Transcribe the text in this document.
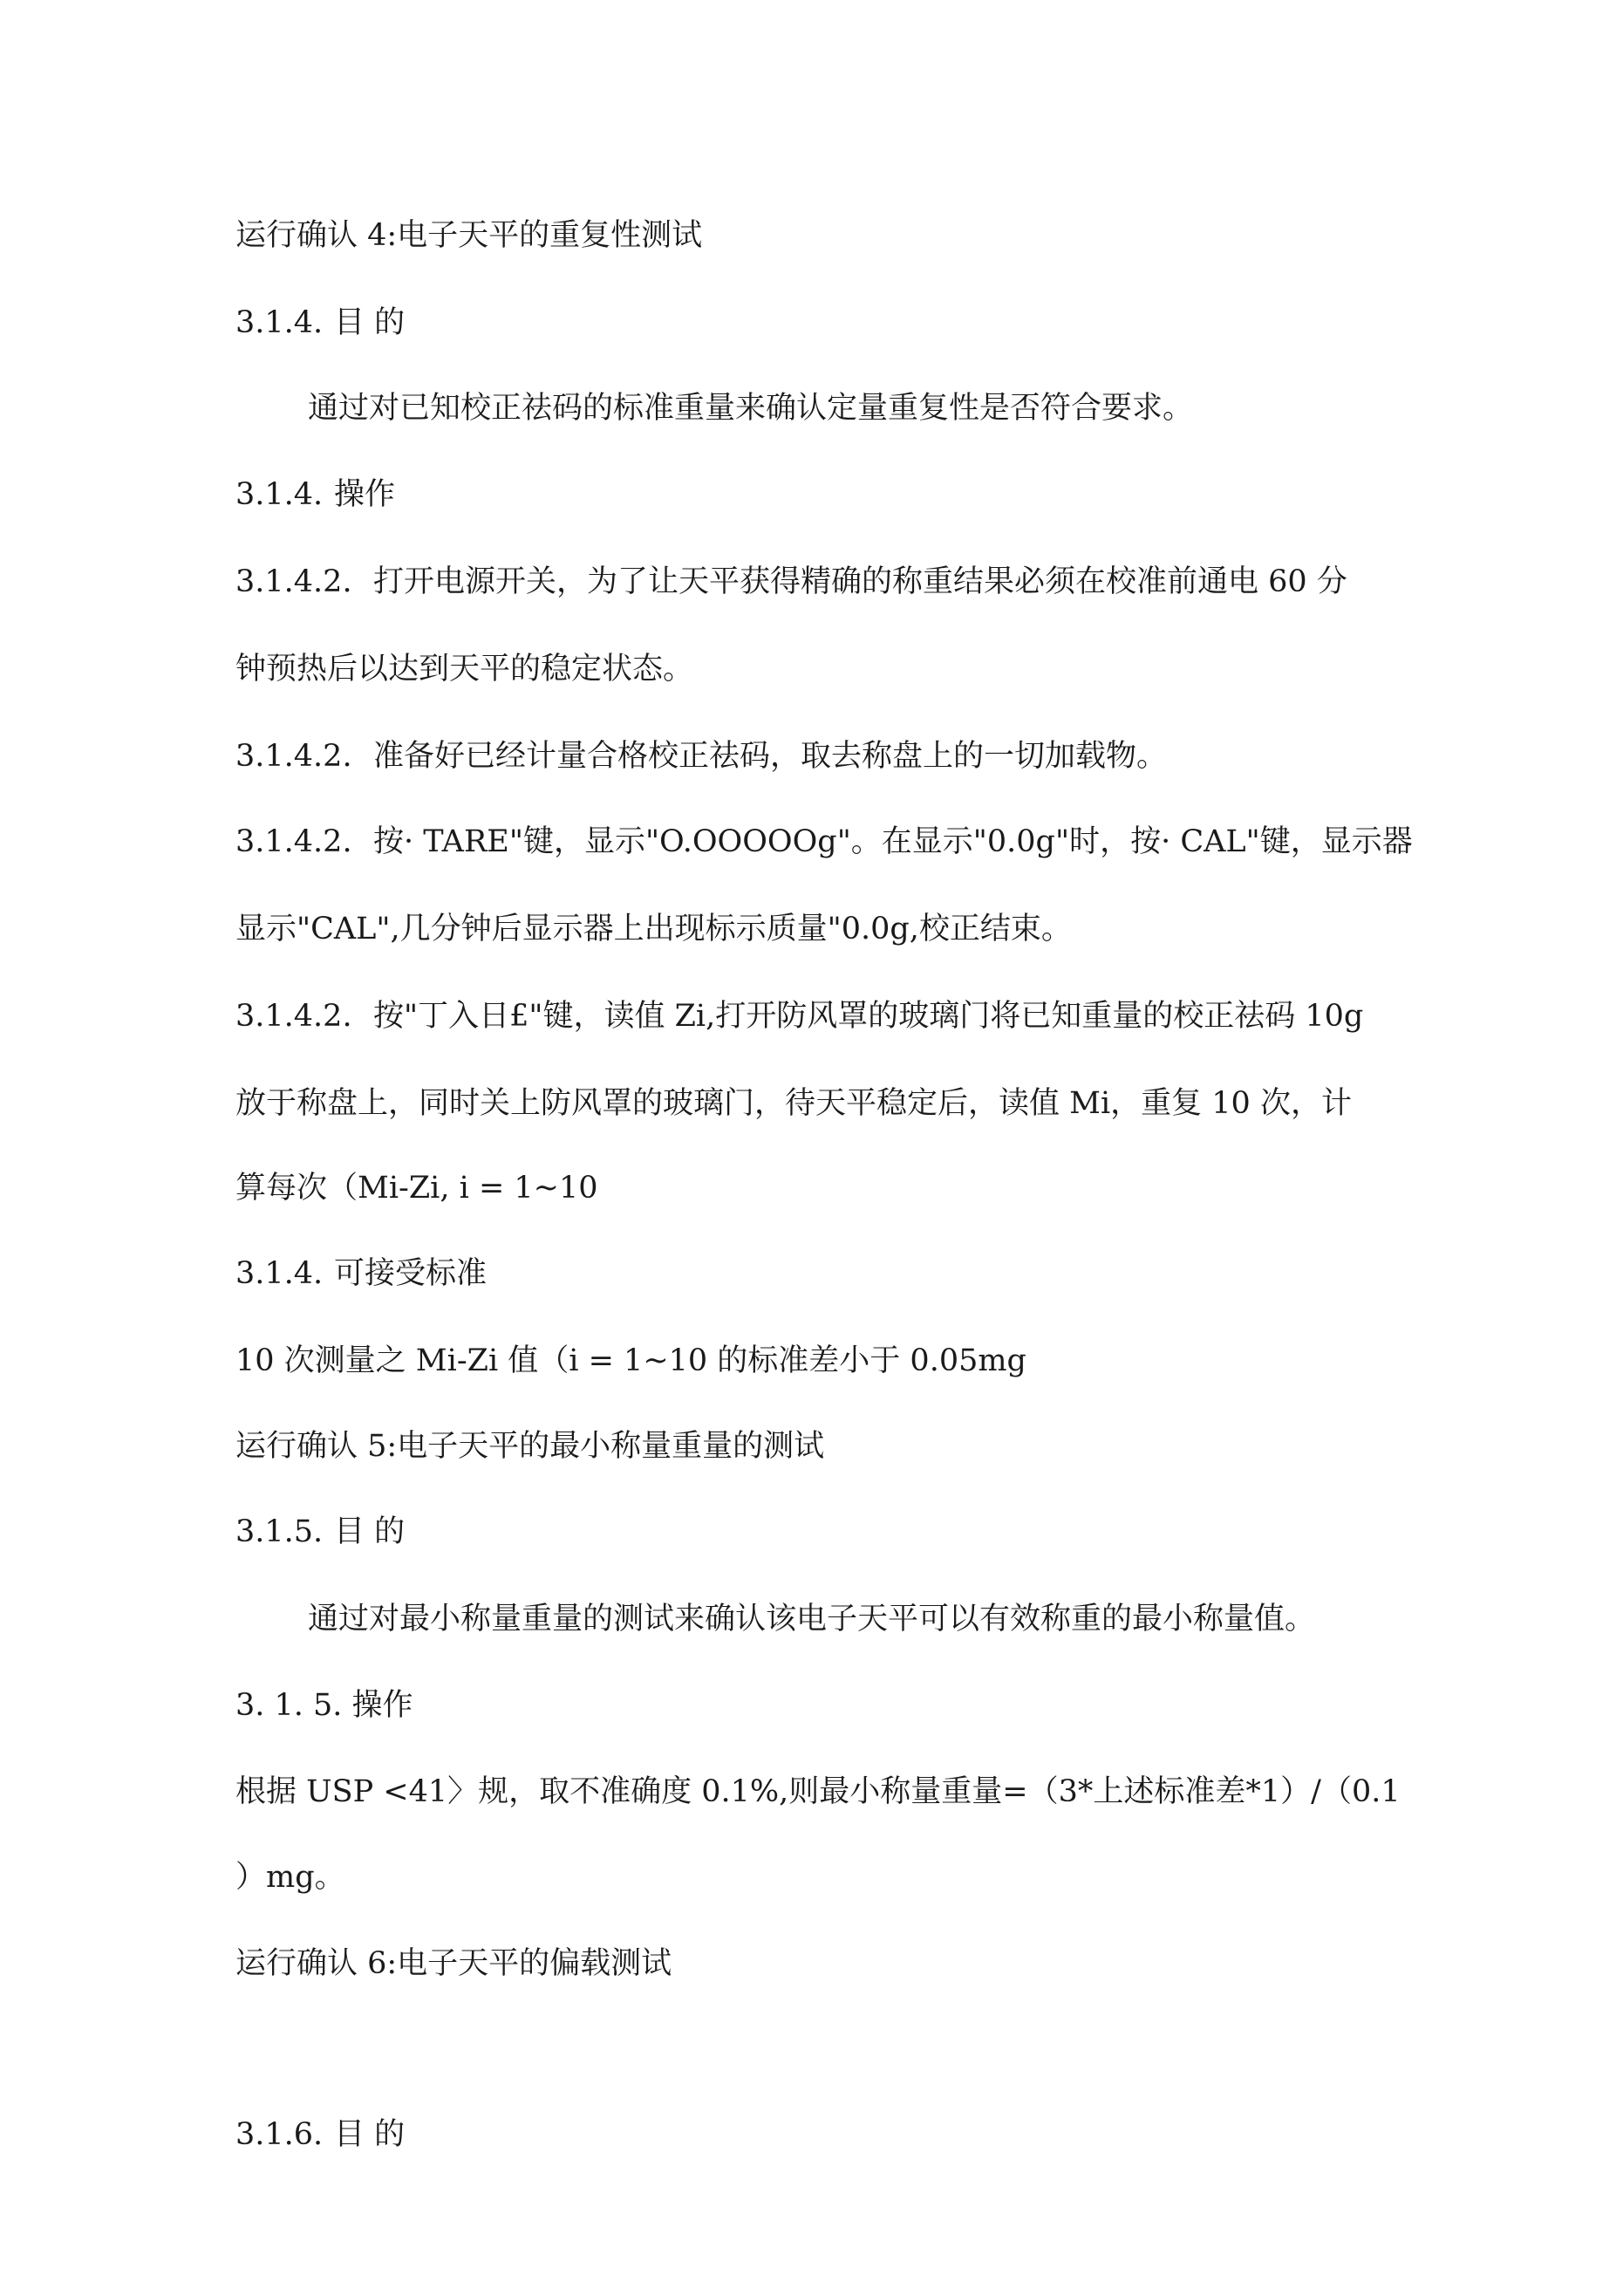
运行确认 4:电子天平的重复性测试
3.1.4. 目 的
通过对已知校正祛码的标准重量来确认定量重复性是否符合要求。
3.1.4. 操作
3.1.4.2. 打开电源开关，为了让天平获得精确的称重结果必须在校准前通电 60 分
钟预热后以达到天平的稳定状态。
3.1.4.2. 准备好已经计量合格校正祛码，取去称盘上的一切加载物。
3.1.4.2. 按· TARE"键，显示"O.OOOOOg"。在显示"0.0g"时，按· CAL"键，显示器
显示"CAL",几分钟后显示器上出现标示质量"0.0g,校正结束。
3.1.4.2. 按"丁入日£"键，读值 Zi,打开防风罩的玻璃门将已知重量的校正祛码 10g
放于称盘上，同时关上防风罩的玻璃门，待天平稳定后，读值 Mi，重复 10 次，计
算每次（Mi-Zi, i = 1~10
3.1.4. 可接受标准
10 次测量之 Mi-Zi 值（i = 1~10 的标准差小于 0.05mg
运行确认 5:电子天平的最小称量重量的测试
3.1.5. 目 的
通过对最小称量重量的测试来确认该电子天平可以有效称重的最小称量值。
3. 1. 5. 操作
根据 USP <41〉规，取不准确度 0.1%,则最小称量重量=（3*上述标准差*1）/（0.1
）mg。
运行确认 6:电子天平的偏载测试
3.1.6. 目 的
